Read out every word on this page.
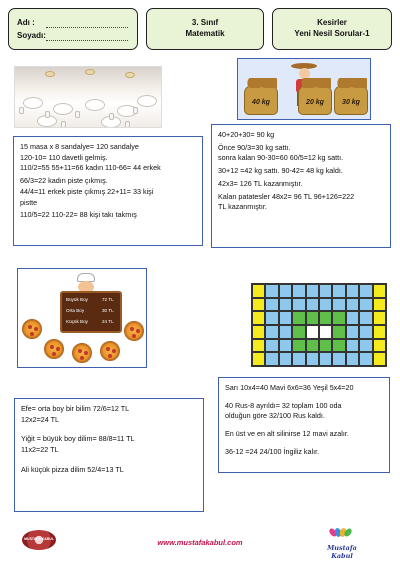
Adı :
Soyadı:
3. Sınıf
Matematik
Kesirler
Yeni Nesil Sorular-1
40 kg	20 kg	30 kg

15 masa x 8 sandalye= 120 sandalye

120-10= 110 davetli gelmiş.

110/2=55 55+11=66 kadın 110-66= 44 erkek

66/3=22 kadın piste çıkmış.

44/4=11 erkek piste çıkmış 22+11= 33 kişi

pistte

110/5=22 110-22= 88 kişi takı takmış

40+20+30= 90 kg

Önce 90/3=30 kg sattı.

sonra kalan 90-30=60 60/5=12 kg sattı.

30+12 =42 kg sattı. 90-42= 48 kg kaldı.

42x3= 126 TL kazanmıştır.

Kalan patatesler 48x2= 96 TL 96+126=222

TL kazanmıştır.

Büyük Boy	72 TL
Orta Boy	30 TL
Küçük Boy	24 TL

Efe= orta boy bir bilim 72/6=12 TL

12x2=24 TL

Yiğit = büyük boy dilim= 88/8=11 TL

11x2=22 TL

Ali küçük pizza dilim 52/4=13 TL

Sarı 10x4=40 Mavi 6x6=36 Yeşil 5x4=20

40 Rus-8 ayrıldı= 32 toplam 100 oda

olduğun göre 32/100 Rus kaldı.

En üst ve en alt silinirse 12 mavi azalır.

36-12 =24 24/100 İngiliz kalır.

MUSTAFA KABUL	www.mustafakabul.com
Mustafa Kabul
